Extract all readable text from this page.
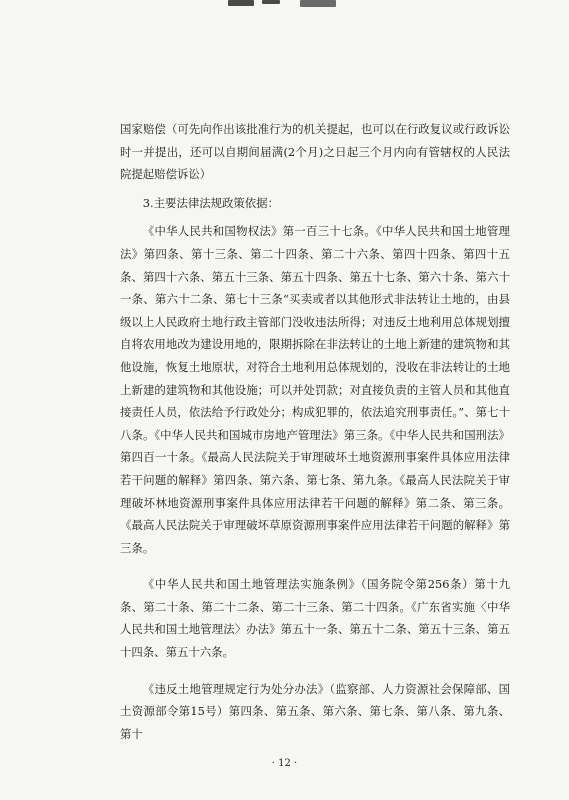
国家赔偿（可先向作出该批准行为的机关提起，也可以在行政复议或行政诉讼时一并提出，还可以自期间届满(2个月)之日起三个月内向有管辖权的人民法院提起赔偿诉讼）

3.主要法律法规政策依据：

《中华人民共和国物权法》第一百三十七条。《中华人民共和国土地管理法》第四条、第十三条、第二十四条、第二十六条、第四十四条、第四十五条、第四十六条、第五十三条、第五十四条、第五十七条、第六十条、第六十一条、第六十二条、第七十三条“买卖或者以其他形式非法转让土地的，由县级以上人民政府土地行政主管部门没收违法所得；对违反土地利用总体规划擅自将农用地改为建设用地的，限期拆除在非法转让的土地上新建的建筑物和其他设施，恢复土地原状，对符合土地利用总体规划的，没收在非法转让的土地上新建的建筑物和其他设施；可以并处罚款；对直接负责的主管人员和其他直接责任人员，依法给予行政处分；构成犯罪的，依法追究刑事责任。”、第七十八条。《中华人民共和国城市房地产管理法》第三条。《中华人民共和国刑法》第四百一十条。《最高人民法院关于审理破坏土地资源刑事案件具体应用法律若干问题的解释》第四条、第六条、第七条、第九条。《最高人民法院关于审理破坏林地资源刑事案件具体应用法律若干问题的解释》第二条、第三条。《最高人民法院关于审理破坏草原资源刑事案件应用法律若干问题的解释》第三条。

《中华人民共和国土地管理法实施条例》（国务院令第256条）第十九条、第二十条、第二十二条、第二十三条、第二十四条。《广东省实施〈中华人民共和国土地管理法〉办法》第五十一条、第五十二条、第五十三条、第五十四条、第五十六条。

《违反土地管理规定行为处分办法》（监察部、人力资源社会保障部、国土资源部令第15号）第四条、第五条、第六条、第七条、第八条、第九条、第十

· 12 ·
